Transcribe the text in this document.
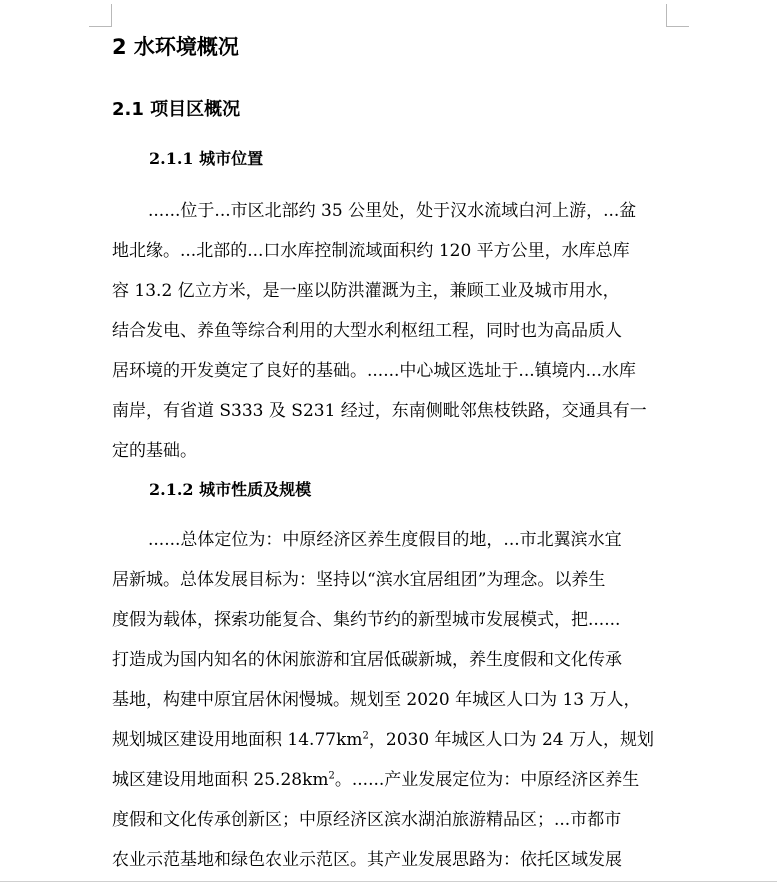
2 水环境概况
2.1 项目区概况
2.1.1 城市位置
......位于...市区北部约 35 公里处，处于汉水流域白河上游，...盆
地北缘。...北部的...口水库控制流域面积约 120 平方公里，水库总库
容 13.2 亿立方米，是一座以防洪灌溉为主，兼顾工业及城市用水，
结合发电、养鱼等综合利用的大型水利枢纽工程，同时也为高品质人
居环境的开发奠定了良好的基础。......中心城区选址于...镇境内...水库
南岸，有省道 S333 及 S231 经过，东南侧毗邻焦枝铁路，交通具有一
定的基础。
2.1.2 城市性质及规模
......总体定位为：中原经济区养生度假目的地，...市北翼滨水宜
居新城。总体发展目标为：坚持以“滨水宜居组团”为理念。以养生
度假为载体，探索功能复合、集约节约的新型城市发展模式，把......
打造成为国内知名的休闲旅游和宜居低碳新城，养生度假和文化传承
基地，构建中原宜居休闲慢城。规划至 2020 年城区人口为 13 万人，
规划城区建设用地面积 $14.77km^2$，2030 年城区人口为 24 万人，规划
城区建设用地面积 $25.28km^2$。......产业发展定位为：中原经济区养生
度假和文化传承创新区；中原经济区滨水湖泊旅游精品区；...市都市
农业示范基地和绿色农业示范区。其产业发展思路为：依托区域发展
